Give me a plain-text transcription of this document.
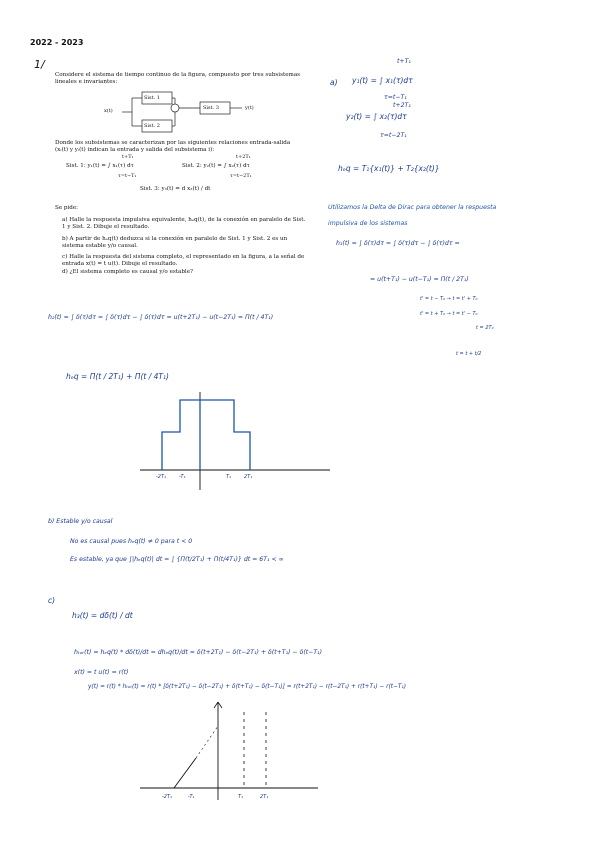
2022 - 2023
1/
Considere el sistema de tiempo continuo de la figura, compuesto por tres subsistemas lineales e invariantes:
x(t)
Sist. 1
Sist. 2
Sist. 3	y(t)
Donde los subsistemas se caracterizan por las siguientes relaciones entrada-salida (xᵢ(t) y yᵢ(t) indican la entrada y salida del subsistema i):
t+T₁
Sist. 1: y₁(t) = ∫ x₁(τ) dτ
τ=t−T₁
t+2T₁
Sist. 2: y₂(t) = ∫ x₂(τ) dτ
τ=t−2T₁
Sist. 3: y₃(t) = d x₃(t) / dt
Se pide:
a) Halle la respuesta impulsiva equivalente, hₑq(t), de la conexión en paralelo de Sist. 1 y Sist. 2. Dibuje el resultado.
b) A partir de hₑq(t) deduzca si la conexión en paralelo de Sist. 1 y Sist. 2 es un sistema estable y/o causal.
c) Halle la respuesta del sistema completo, el representado en la figura, a la señal de entrada x(t) = t u(t). Dibuje el resultado.
d) ¿El sistema completo es causal y/o estable?
a)
t+T₁
y₁(t) = ∫ x₁(τ)dτ
τ=t−T₁
t+2T₁
y₂(t) = ∫ x₂(τ)dτ
τ=t−2T₁
hₑq = T₁{x₁(t)} + T₂{x₂(t)}
Utilizamos la Delta de Dirac para obtener la respuesta
impulsiva de los sistemas
h₁(t) = ∫ δ(τ)dτ = ∫ δ(τ)dτ − ∫ δ(τ)dτ =
= u(t+T₁) − u(t−T₁) = Π(t / 2T₁)
t' = t − T₀ → t = t' + T₀
t' = t + T₀ → t = t' − T₀
t = 2T₀
t = t + t/2
h₂(t) = ∫ δ(τ)dτ = ∫ δ(τ)dτ − ∫ δ(τ)dτ = u(t+2T₁) − u(t−2T₁) = Π(t / 4T₁)
hₑq = Π(t / 2T₁) + Π(t / 4T₁)
-2T₁	-T₁	T₁	2T₁
b) Estable y/o causal
No es causal pues hₑq(t) ≠ 0 para t < 0
Es estable, ya que ∫|hₑq(t)| dt = ∫ {Π(t/2T₁) + Π(t/4T₁)} dt = 6T₁ < ∞
c)
h₃(t) = dδ(t) / dt
hₜₒₜ(t) = hₑq(t) * dδ(t)/dt = dhₑq(t)/dt = δ(t+2T₁) − δ(t−2T₁) + δ(t+T₁) − δ(t−T₁)
x(t) = t u(t) = r(t)
y(t) = r(t) * hₜₒₜ(t) = r(t) * [δ(t+2T₁) − δ(t−2T₁) + δ(t+T₁) − δ(t−T₁)] = r(t+2T₁) − r(t−2T₁) + r(t+T₁) − r(t−T₁)
-2T₁	-T₁	T₁	2T₁
